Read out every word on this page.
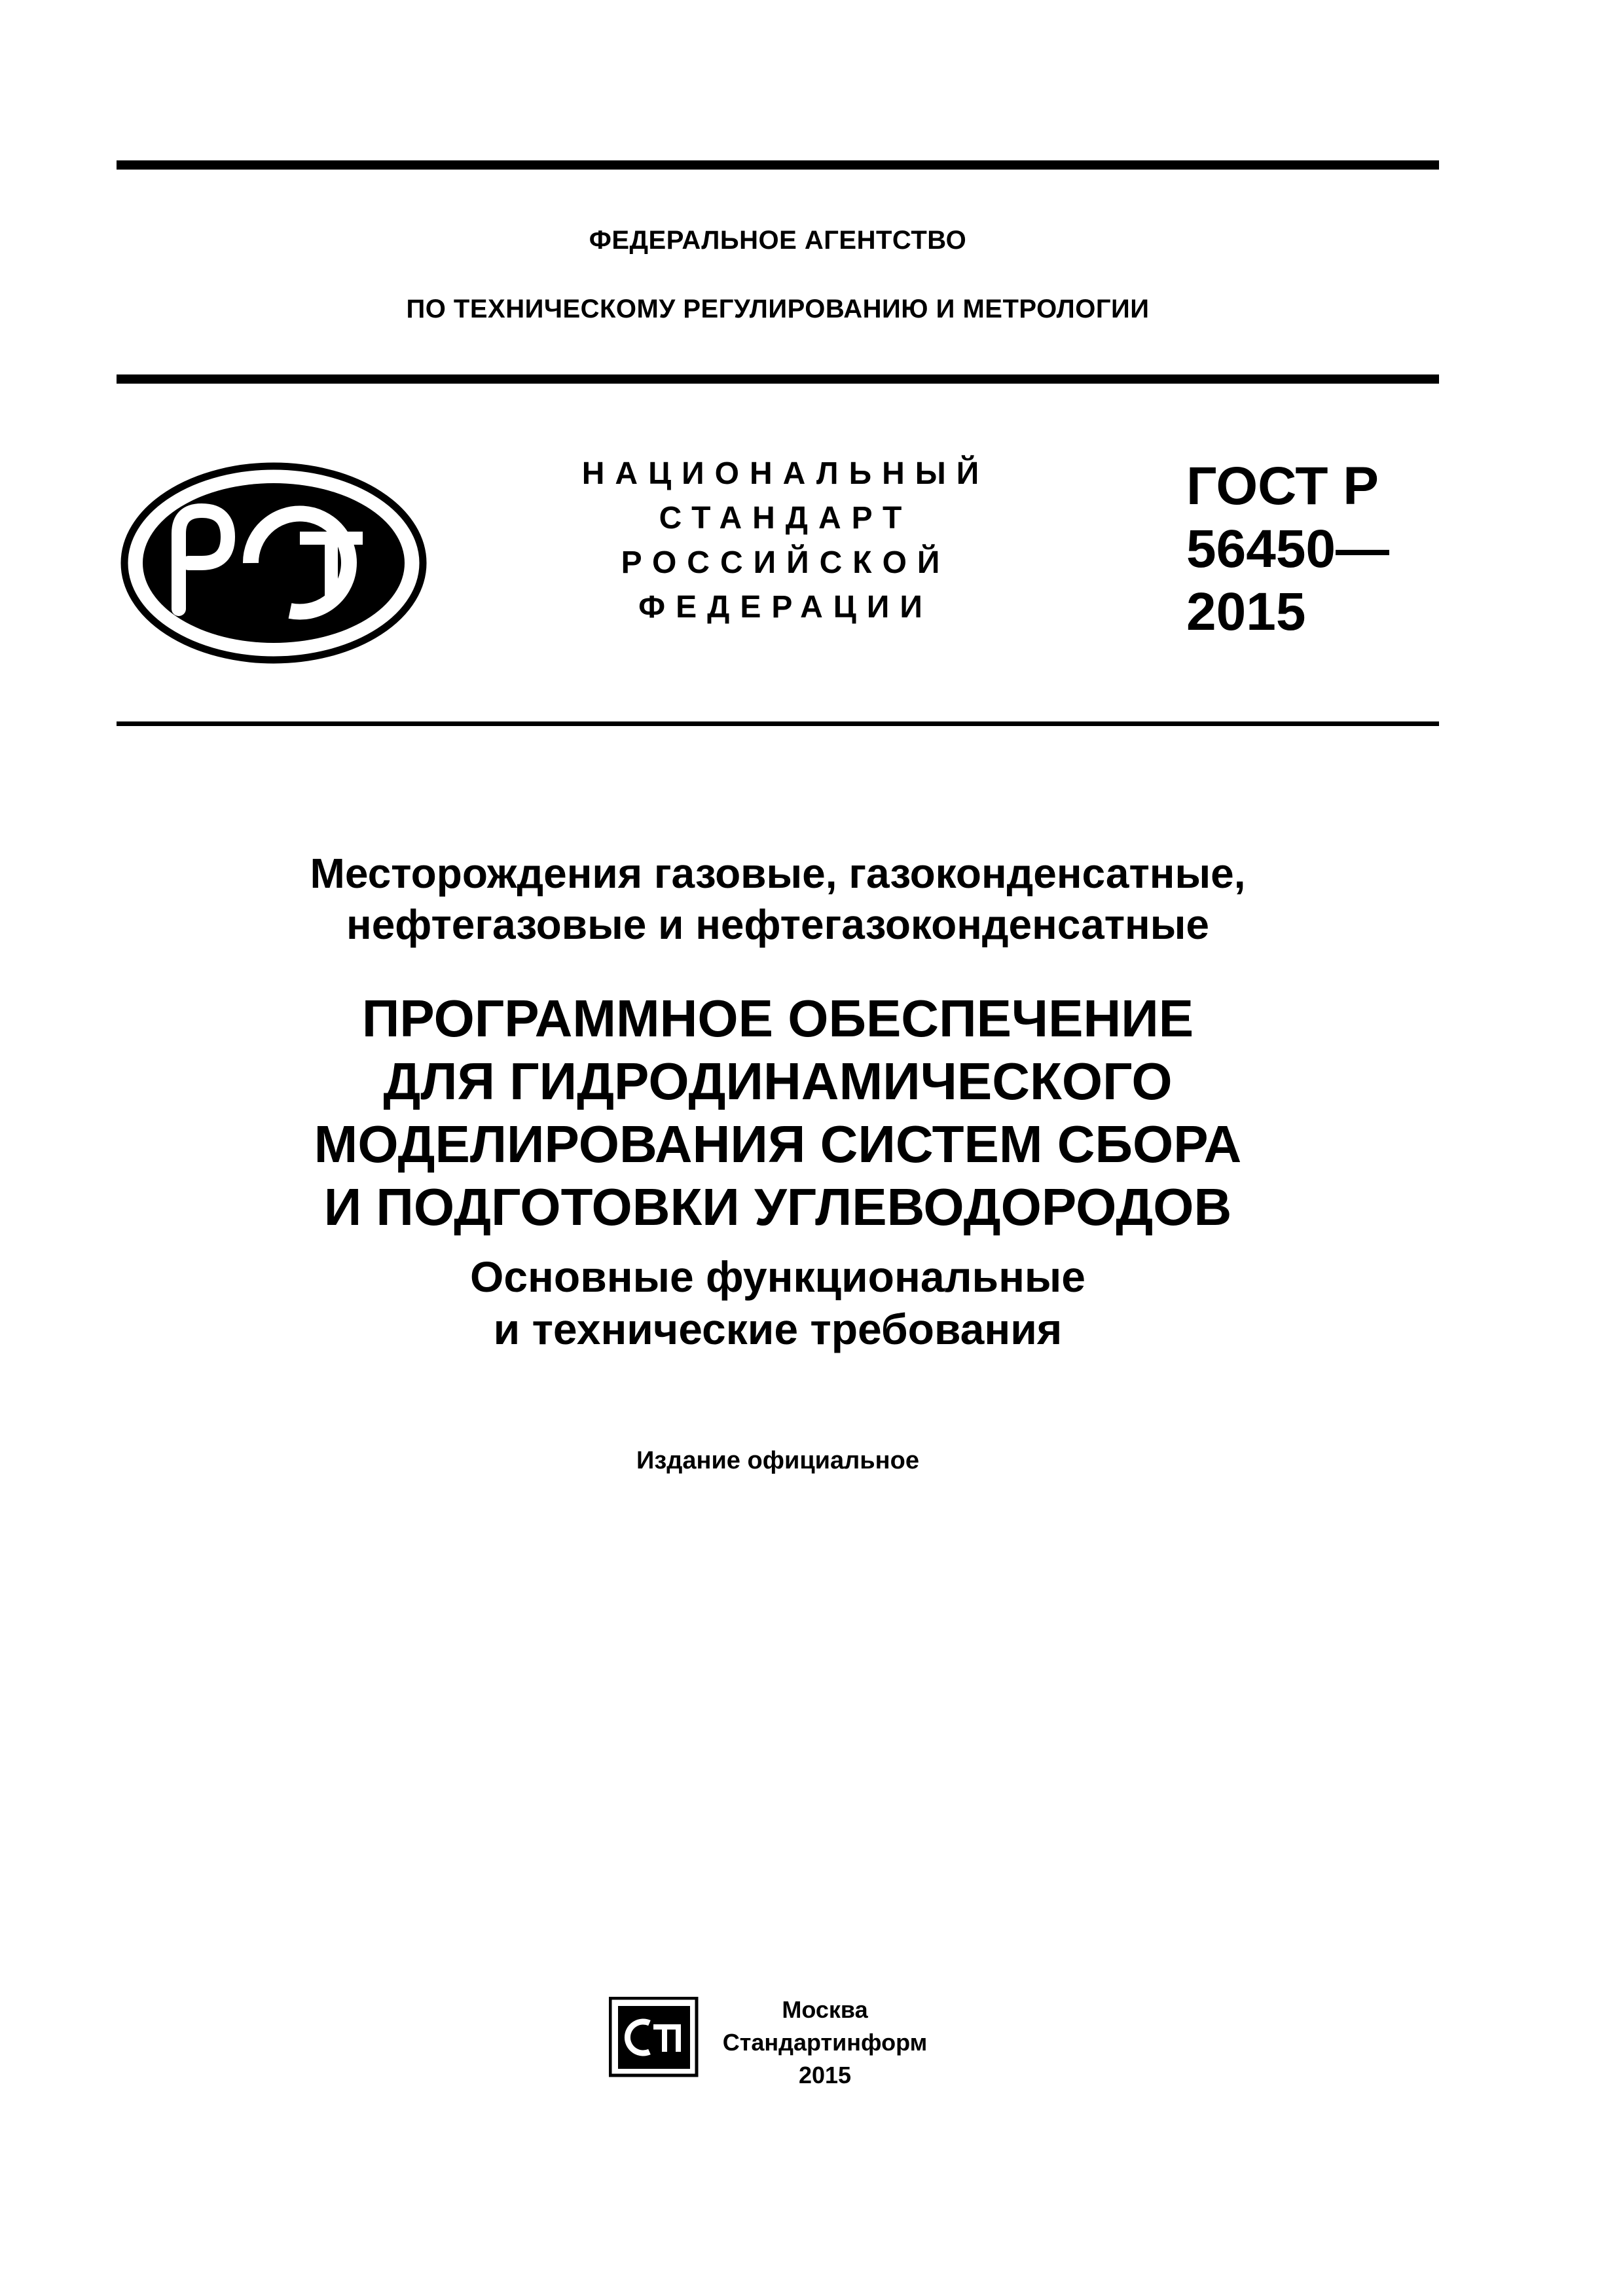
ФЕДЕРАЛЬНОЕ АГЕНТСТВО
ПО ТЕХНИЧЕСКОМУ РЕГУЛИРОВАНИЮ И МЕТРОЛОГИИ
НАЦИОНАЛЬНЫЙ
СТАНДАРТ
РОССИЙСКОЙ
ФЕДЕРАЦИИ
ГОСТ Р
56450—
2015
Месторождения газовые, газоконденсатные,
нефтегазовые и нефтегазоконденсатные
ПРОГРАММНОЕ ОБЕСПЕЧЕНИЕ
ДЛЯ ГИДРОДИНАМИЧЕСКОГО
МОДЕЛИРОВАНИЯ СИСТЕМ СБОРА
И ПОДГОТОВКИ УГЛЕВОДОРОДОВ
Основные функциональные
и технические требования
Издание официальное
Москва
Стандартинформ
2015
